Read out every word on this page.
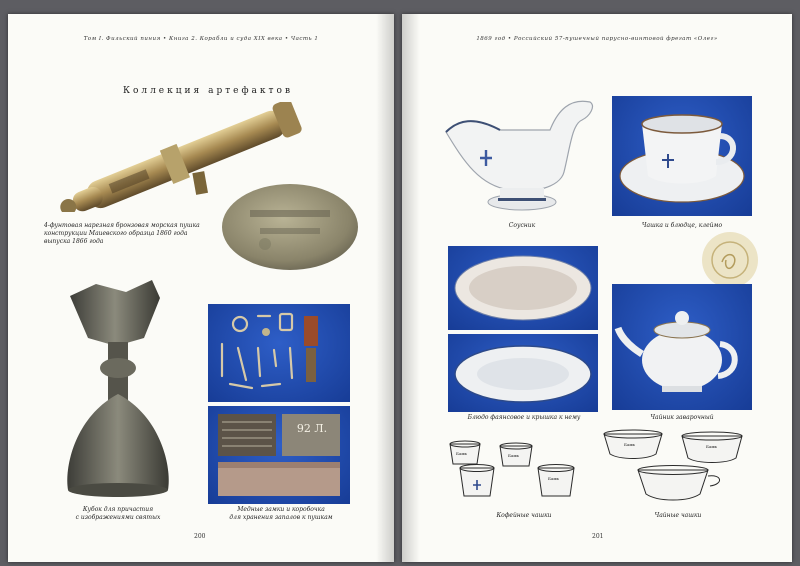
Том I. Фильский пиния • Книга 2. Корабли и суда XIX века • Часть 1
Коллекция артефактов
4-фунтовая нарезная бронзовая морская пушка
конструкции Маиевского образца 1860 года
выпуска 1866 года
Кубок для причастия
с изображениями святых
92 Л.
Медные замки и коробочка
для хранения запалов к пушкам
200
1869 год • Российский 57-пушечный парусно-винтовой фрегат «Олег»
Соусник	Чашка и блюдце, клеймо
Блюдо фаянсовое и крышка к нему	Чайник заварочный
Бамк	Бамк
Бамк
Кофейные чашки
Бамк	Бамк
Чайные чашки
201
